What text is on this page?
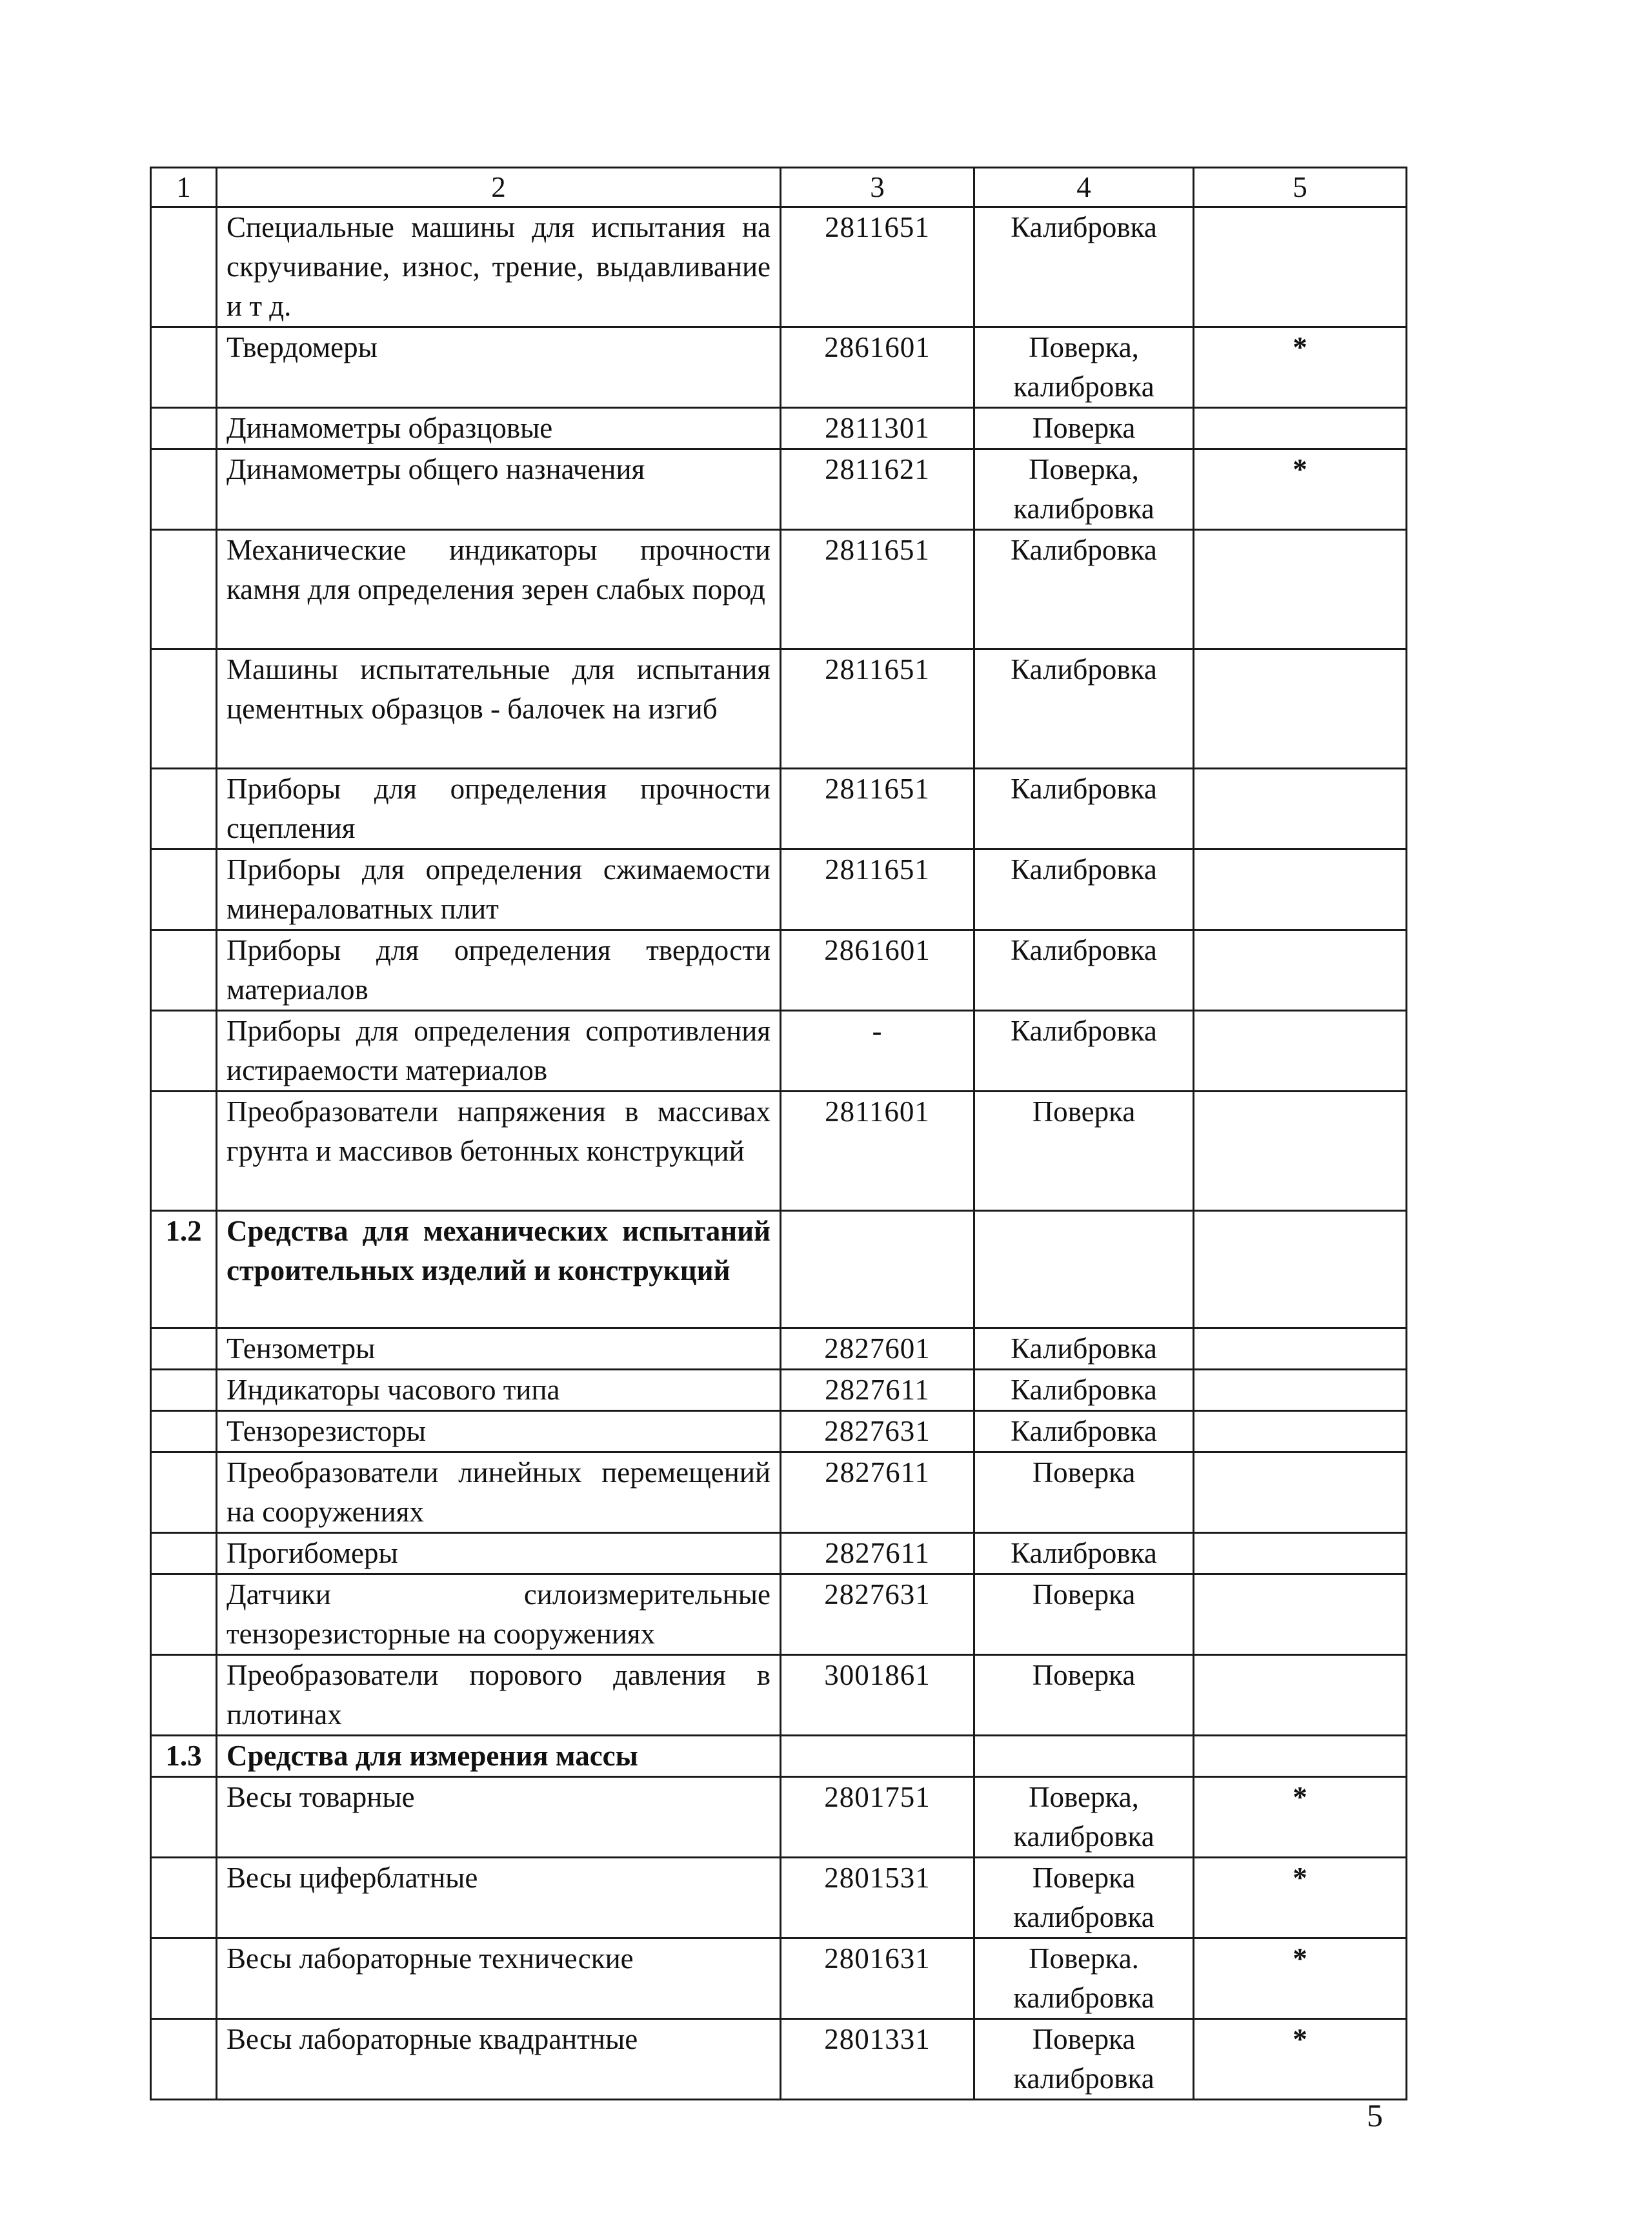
1	2	3	4	5
	Специальные машины для испытания на скручивание, износ, трение, выдавливание и т д.	2811651	Калибровка	
	Твердомеры	2861601	Поверка, калибровка	*
	Динамометры образцовые	2811301	Поверка	
	Динамометры общего назначения	2811621	Поверка, калибровка	*
	Механические индикаторы прочности камня для определения зерен слабых пород	2811651	Калибровка	
	Машины испытательные для испытания цементных образцов - балочек на изгиб	2811651	Калибровка	
	Приборы для определения прочности сцепления	2811651	Калибровка	
	Приборы для определения сжимаемости минераловатных плит	2811651	Калибровка	
	Приборы для определения твердости материалов	2861601	Калибровка	
	Приборы для определения сопротивления истираемости материалов	-	Калибровка	
	Преобразователи напряжения в массивах грунта и массивов бетонных конструкций	2811601	Поверка	
1.2	Средства для механических испытаний строительных изделий и конструкций			
	Тензометры	2827601	Калибровка	
	Индикаторы часового типа	2827611	Калибровка	
	Тензорезисторы	2827631	Калибровка	
	Преобразователи линейных перемещений на сооружениях	2827611	Поверка	
	Прогибомеры	2827611	Калибровка	
	Датчики силоизмерительные тензорезисторные на сооружениях	2827631	Поверка	
	Преобразователи порового давления в плотинах	3001861	Поверка	
1.3	Средства для измерения массы			
	Весы товарные	2801751	Поверка, калибровка	*
	Весы циферблатные	2801531	Поверка калибровка	*
	Весы лабораторные технические	2801631	Поверка. калибровка	*
	Весы лабораторные квадрантные	2801331	Поверка калибровка	*
5
